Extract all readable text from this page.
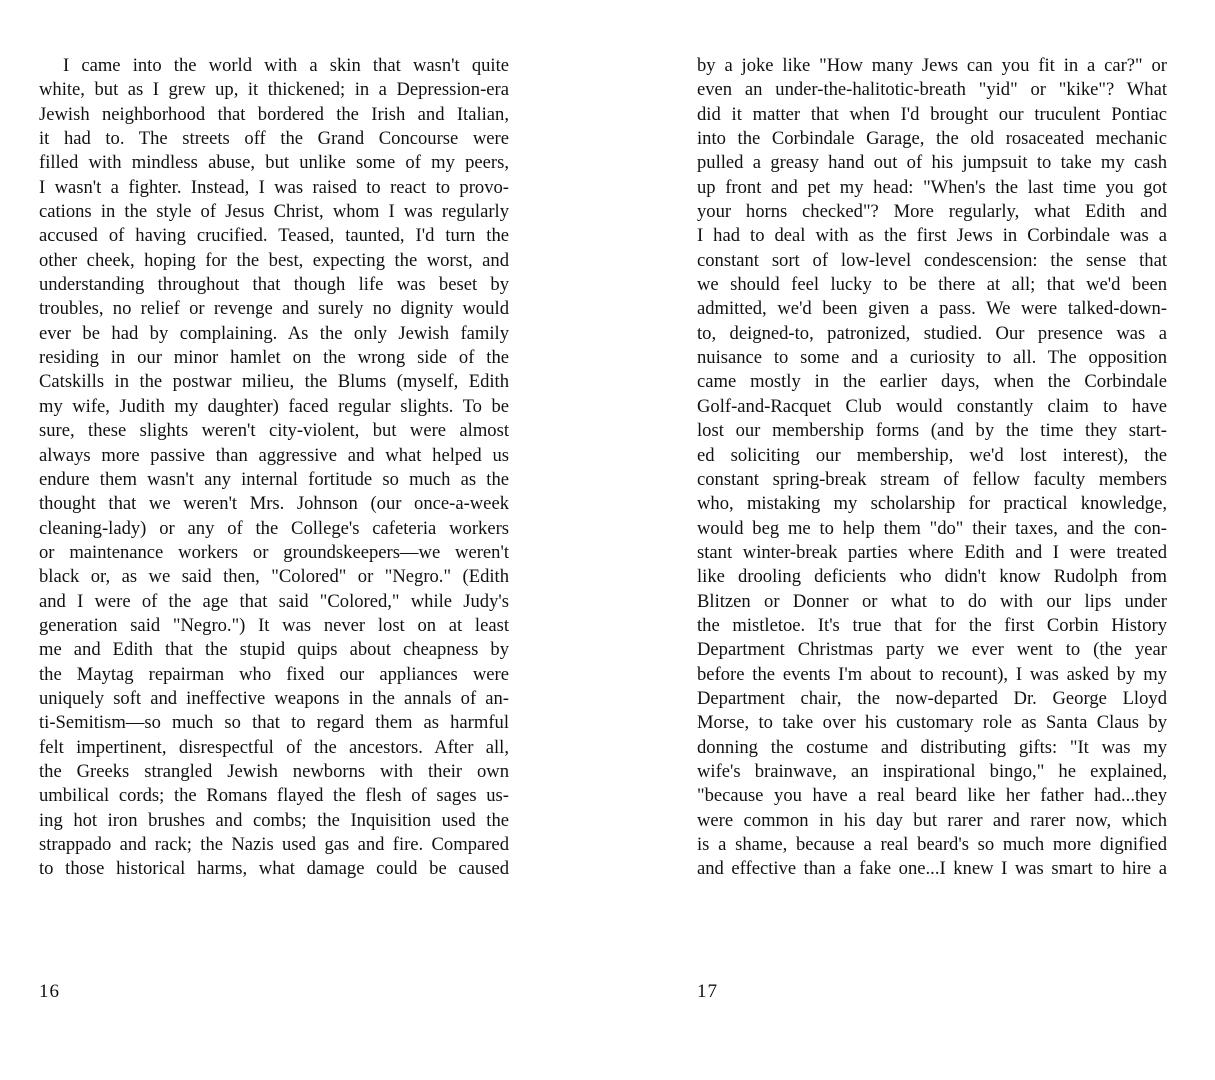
I came into the world with a skin that wasn't quite
white, but as I grew up, it thickened; in a Depression-era
Jewish neighborhood that bordered the Irish and Italian,
it had to. The streets off the Grand Concourse were
filled with mindless abuse, but unlike some of my peers,
I wasn't a fighter. Instead, I was raised to react to provo-
cations in the style of Jesus Christ, whom I was regularly
accused of having crucified. Teased, taunted, I'd turn the
other cheek, hoping for the best, expecting the worst, and
understanding throughout that though life was beset by
troubles, no relief or revenge and surely no dignity would
ever be had by complaining. As the only Jewish family
residing in our minor hamlet on the wrong side of the
Catskills in the postwar milieu, the Blums (myself, Edith
my wife, Judith my daughter) faced regular slights. To be
sure, these slights weren't city-violent, but were almost
always more passive than aggressive and what helped us
endure them wasn't any internal fortitude so much as the
thought that we weren't Mrs. Johnson (our once-a-week
cleaning-lady) or any of the College's cafeteria workers
or maintenance workers or groundskeepers—we weren't
black or, as we said then, "Colored" or "Negro." (Edith
and I were of the age that said "Colored," while Judy's
generation said "Negro.") It was never lost on at least
me and Edith that the stupid quips about cheapness by
the Maytag repairman who fixed our appliances were
uniquely soft and ineffective weapons in the annals of an-
ti-Semitism—so much so that to regard them as harmful
felt impertinent, disrespectful of the ancestors. After all,
the Greeks strangled Jewish newborns with their own
umbilical cords; the Romans flayed the flesh of sages us-
ing hot iron brushes and combs; the Inquisition used the
strappado and rack; the Nazis used gas and fire. Compared
to those historical harms, what damage could be caused
16
by a joke like "How many Jews can you fit in a car?" or
even an under-the-halitotic-breath "yid" or "kike"? What
did it matter that when I'd brought our truculent Pontiac
into the Corbindale Garage, the old rosaceated mechanic
pulled a greasy hand out of his jumpsuit to take my cash
up front and pet my head: "When's the last time you got
your horns checked"? More regularly, what Edith and
I had to deal with as the first Jews in Corbindale was a
constant sort of low-level condescension: the sense that
we should feel lucky to be there at all; that we'd been
admitted, we'd been given a pass. We were talked-down-
to, deigned-to, patronized, studied. Our presence was a
nuisance to some and a curiosity to all. The opposition
came mostly in the earlier days, when the Corbindale
Golf-and-Racquet Club would constantly claim to have
lost our membership forms (and by the time they start-
ed soliciting our membership, we'd lost interest), the
constant spring-break stream of fellow faculty members
who, mistaking my scholarship for practical knowledge,
would beg me to help them "do" their taxes, and the con-
stant winter-break parties where Edith and I were treated
like drooling deficients who didn't know Rudolph from
Blitzen or Donner or what to do with our lips under
the mistletoe. It's true that for the first Corbin History
Department Christmas party we ever went to (the year
before the events I'm about to recount), I was asked by my
Department chair, the now-departed Dr. George Lloyd
Morse, to take over his customary role as Santa Claus by
donning the costume and distributing gifts: "It was my
wife's brainwave, an inspirational bingo," he explained,
"because you have a real beard like her father had...they
were common in his day but rarer and rarer now, which
is a shame, because a real beard's so much more dignified
and effective than a fake one...I knew I was smart to hire a
17
